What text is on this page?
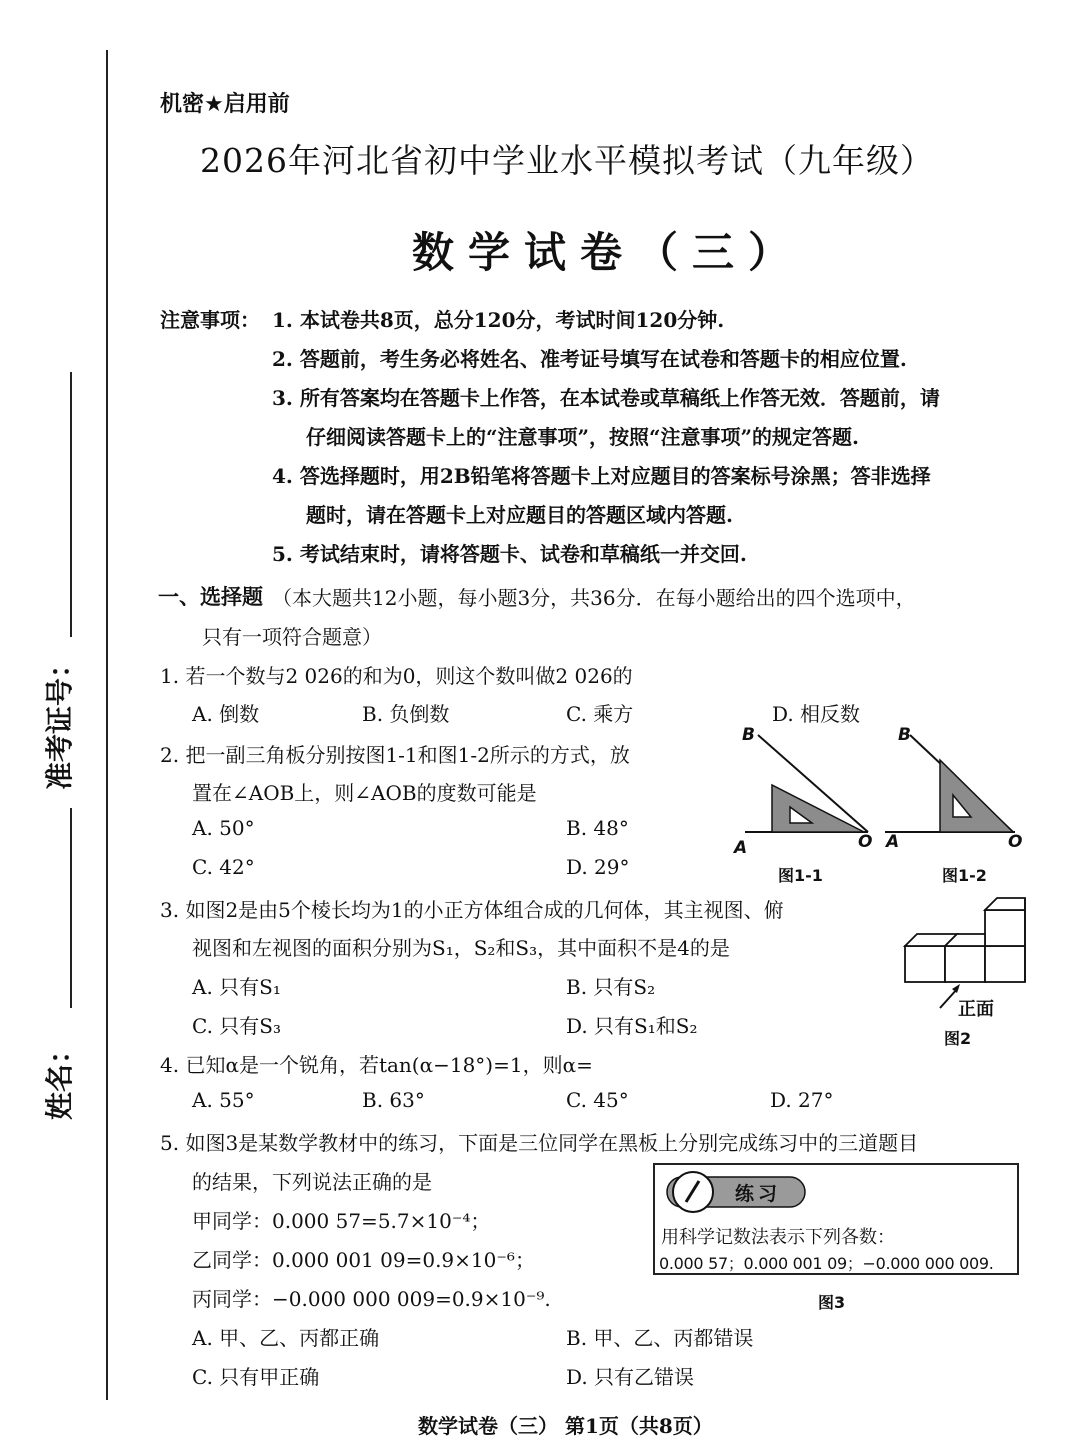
准考证号：
姓名：
机密★启用前
2026年河北省初中学业水平模拟考试（九年级）
数学试卷（三）
注意事项： 1. 本试卷共8页，总分120分，考试时间120分钟.
2. 答题前，考生务必将姓名、准考证号填写在试卷和答题卡的相应位置.
3. 所有答案均在答题卡上作答，在本试卷或草稿纸上作答无效．答题前，请
仔细阅读答题卡上的“注意事项”，按照“注意事项”的规定答题.
4. 答选择题时，用2B铅笔将答题卡上对应题目的答案标号涂黑；答非选择
题时，请在答题卡上对应题目的答题区域内答题.
5. 考试结束时，请将答题卡、试卷和草稿纸一并交回.
一、选择题 （本大题共12小题，每小题3分，共36分．在每小题给出的四个选项中，
只有一项符合题意）
1. 若一个数与2 026的和为0，则这个数叫做2 026的
A. 倒数	B. 负倒数	C. 乘方	D. 相反数
2. 把一副三角板分别按图1-1和图1-2所示的方式，放
置在∠AOB上，则∠AOB的度数可能是
A. 50°	B. 48°
C. 42°	D. 29°
B
A	O
图1-1
B
A	O
图1-2
3. 如图2是由5个棱长均为1的小正方体组合成的几何体，其主视图、俯
视图和左视图的面积分别为S₁，S₂和S₃，其中面积不是4的是
A. 只有S₁	B. 只有S₂
C. 只有S₃	D. 只有S₁和S₂
正面
图2
4. 已知α是一个锐角，若tan(α−18°)=1，则α=
A. 55°	B. 63°	C. 45°	D. 27°
5. 如图3是某数学教材中的练习，下面是三位同学在黑板上分别完成练习中的三道题目
的结果，下列说法正确的是
甲同学：0.000 57=5.7×10⁻⁴；
乙同学：0.000 001 09=0.9×10⁻⁶；
丙同学：−0.000 000 009=0.9×10⁻⁹.
A. 甲、乙、丙都正确	B. 甲、乙、丙都错误
C. 只有甲正确	D. 只有乙错误
练习
用科学记数法表示下列各数：
0.000 57；0.000 001 09；−0.000 000 009.
图3
数学试卷（三） 第1页（共8页）
